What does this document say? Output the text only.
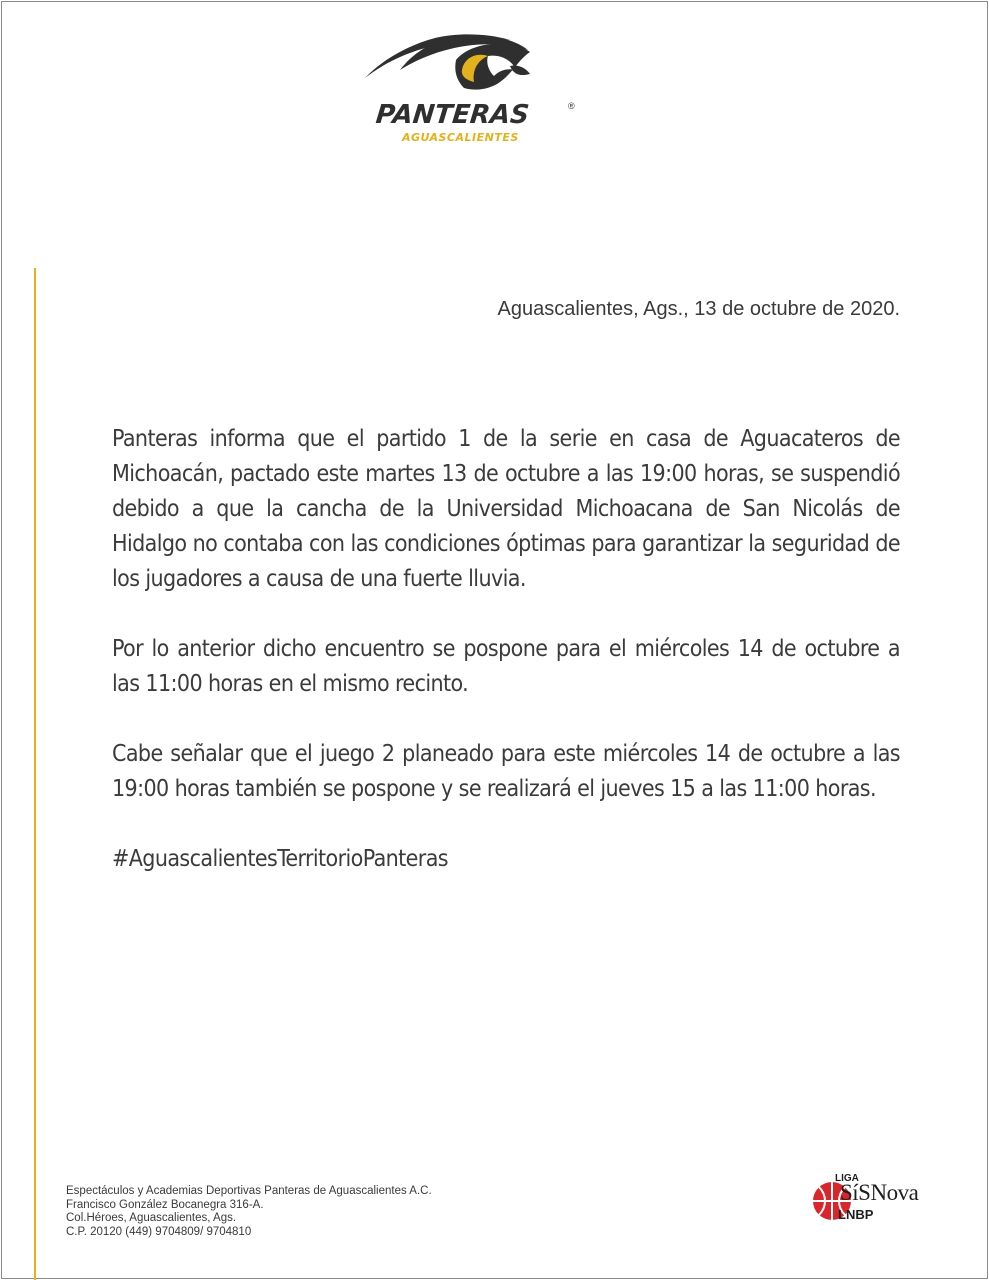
PANTERAS	®
AGUASCALIENTES
Aguascalientes, Ags., 13 de octubre de 2020.

Panteras informa que el partido 1 de la serie en casa de Aguacateros de Michoacán, pactado este martes 13 de octubre a las 19:00 horas, se suspendió debido a que la cancha de la Universidad Michoacana de San Nicolás de Hidalgo no contaba con las condiciones óptimas para garantizar la seguridad de los jugadores a causa de una fuerte lluvia.

Por lo anterior dicho encuentro se pospone para el miércoles 14 de octubre a las 11:00 horas en el mismo recinto.

Cabe señalar que el juego 2 planeado para este miércoles 14 de octubre a las 19:00 horas también se pospone y se realizará el jueves 15 a las 11:00 horas.

#AguascalientesTerritorioPanteras

Espectáculos y Academias Deportivas Panteras de Aguascalientes A.C.
Francisco González Bocanegra 316-A.
Col.Héroes, Aguascalientes, Ags.
C.P. 20120 (449) 9704809/ 9704810
LIGA
SíSNova
LNBP
